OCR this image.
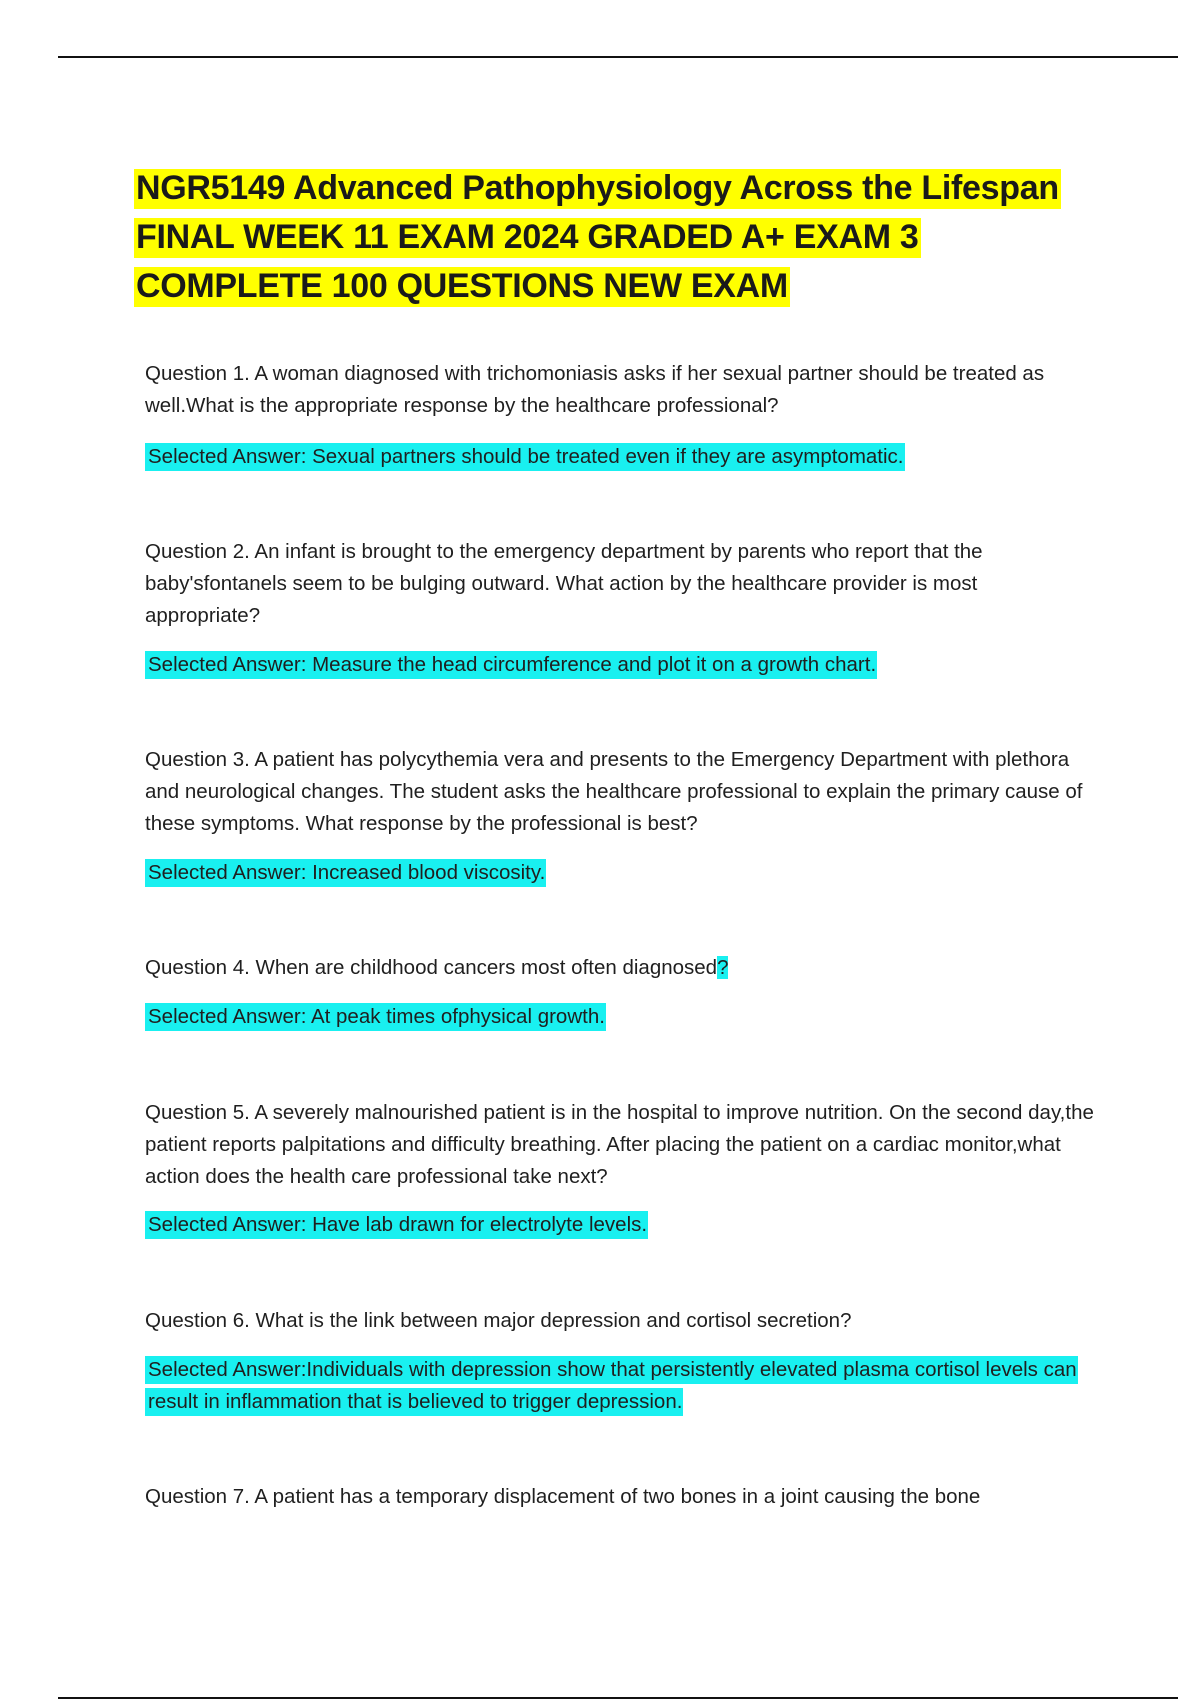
NGR5149 Advanced Pathophysiology Across the Lifespan
FINAL WEEK 11 EXAM 2024 GRADED A+ EXAM 3
COMPLETE 100 QUESTIONS NEW EXAM

Question 1. A woman diagnosed with trichomoniasis asks if her sexual partner should be treated as well.What is the appropriate response by the healthcare professional?

Selected Answer: Sexual partners should be treated even if they are asymptomatic.

Question 2. An infant is brought to the emergency department by parents who report that the baby'sfontanels seem to be bulging outward. What action by the healthcare provider is most appropriate?

Selected Answer: Measure the head circumference and plot it on a growth chart.

Question 3. A patient has polycythemia vera and presents to the Emergency Department with plethora and neurological changes. The student asks the healthcare professional to explain the primary cause of these symptoms. What response by the professional is best?

Selected Answer: Increased blood viscosity.

Question 4. When are childhood cancers most often diagnosed?

Selected Answer: At peak times ofphysical growth.

Question 5. A severely malnourished patient is in the hospital to improve nutrition. On the second day,the patient reports palpitations and difficulty breathing. After placing the patient on a cardiac monitor,what action does the health care professional take next?

Selected Answer: Have lab drawn for electrolyte levels.

Question 6. What is the link between major depression and cortisol secretion?

Selected Answer:Individuals with depression show that persistently elevated plasma cortisol levels can result in inflammation that is believed to trigger depression.

Question 7. A patient has a temporary displacement of two bones in a joint causing the bone
